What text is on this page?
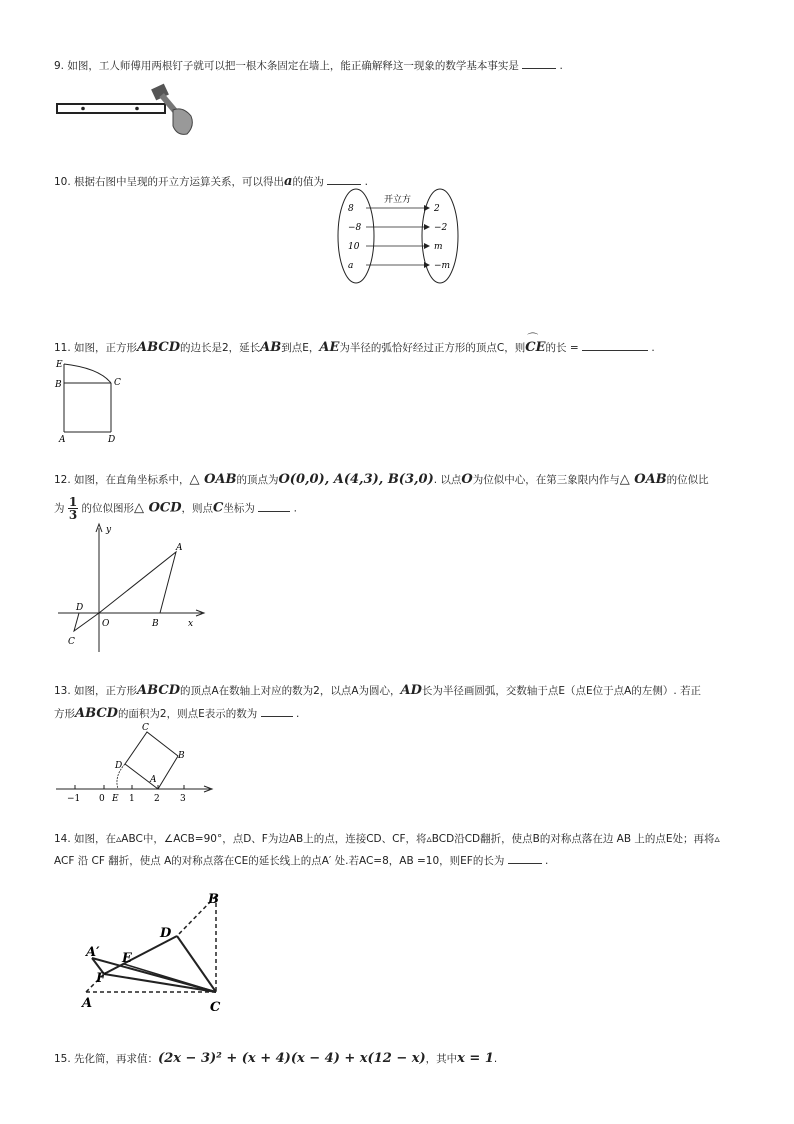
9. 如图，工人师傅用两根钉子就可以把一根木条固定在墙上，能正确解释这一现象的数学基本事实是	.
10. 根据右图中呈现的开立方运算关系，可以得出a的值为	.
开立方
8	2
−8	−2
10	m
a	−m
11. 如图，正方形ABCD的边长是2，延长AB到点E，AE为半径的弧恰好经过正方形的顶点C，则⌒ CE的长 =	.
E
B	C
A	D
12. 如图，在直角坐标系中，△ OAB的顶点为O(0,0), A(4,3), B(3,0). 以点O为位似中心，在第三象限内作与△ OAB的位似比
为 $\frac{1}{3}$ 的位似图形△ OCD，则点C坐标为	.
y
x
A
D
O	B
C
13. 如图，正方形ABCD的顶点A在数轴上对应的数为2，以点A为圆心，AD长为半径画圆弧，交数轴于点E（点E位于点A的左侧）. 若正
方形ABCD的面积为2，则点E表示的数为	.
C
B
D
A
−1 0 E 1 2 3
14. 如图，在▵ABC中，∠ACB=90°，点D、F为边AB上的点，连接CD、CF，将▵BCD沿CD翻折，使点B的对称点落在边 AB 上的点E处；再将▵
ACF 沿 CF 翻折，使点 A的对称点落在CE的延长线上的点A′ 处.若AC=8，AB =10，则EF的长为	.
B
D
A′ E
F
A	C
15. 先化简，再求值：(2x − 3)² + (x + 4)(x − 4) + x(12 − x)，其中x = 1.
